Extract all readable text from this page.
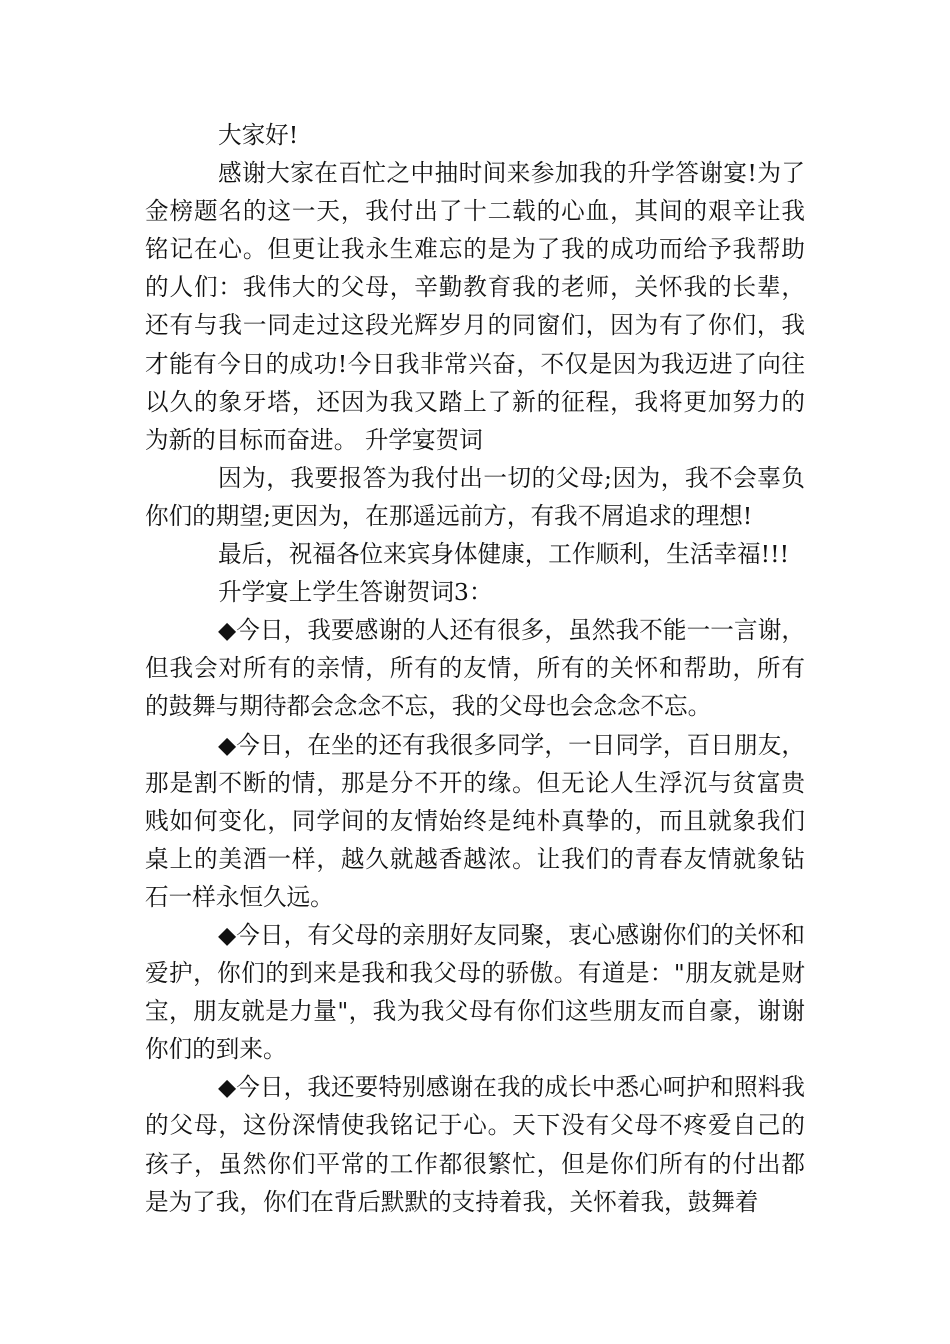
大家好!

感谢大家在百忙之中抽时间来参加我的升学答谢宴!为了金榜题名的这一天，我付出了十二载的心血，其间的艰辛让我铭记在心。但更让我永生难忘的是为了我的成功而给予我帮助的人们：我伟大的父母，辛勤教育我的老师，关怀我的长辈，还有与我一同走过这段光辉岁月的同窗们，因为有了你们，我才能有今日的成功!今日我非常兴奋，不仅是因为我迈进了向往以久的象牙塔，还因为我又踏上了新的征程，我将更加努力的为新的目标而奋进。 升学宴贺词

因为，我要报答为我付出一切的父母;因为，我不会辜负你们的期望;更因为，在那遥远前方，有我不屑追求的理想!

最后，祝福各位来宾身体健康，工作顺利，生活幸福!!!

升学宴上学生答谢贺词3：

◆今日，我要感谢的人还有很多，虽然我不能一一言谢，但我会对所有的亲情，所有的友情，所有的关怀和帮助，所有的鼓舞与期待都会念念不忘，我的父母也会念念不忘。

◆今日，在坐的还有我很多同学，一日同学，百日朋友，那是割不断的情，那是分不开的缘。但无论人生浮沉与贫富贵贱如何变化，同学间的友情始终是纯朴真挚的，而且就象我们桌上的美酒一样，越久就越香越浓。让我们的青春友情就象钻石一样永恒久远。

◆今日，有父母的亲朋好友同聚，衷心感谢你们的关怀和爱护，你们的到来是我和我父母的骄傲。有道是："朋友就是财宝，朋友就是力量"，我为我父母有你们这些朋友而自豪，谢谢你们的到来。

◆今日，我还要特别感谢在我的成长中悉心呵护和照料我的父母，这份深情使我铭记于心。天下没有父母不疼爱自己的孩子，虽然你们平常的工作都很繁忙，但是你们所有的付出都是为了我，你们在背后默默的支持着我，关怀着我，鼓舞着
